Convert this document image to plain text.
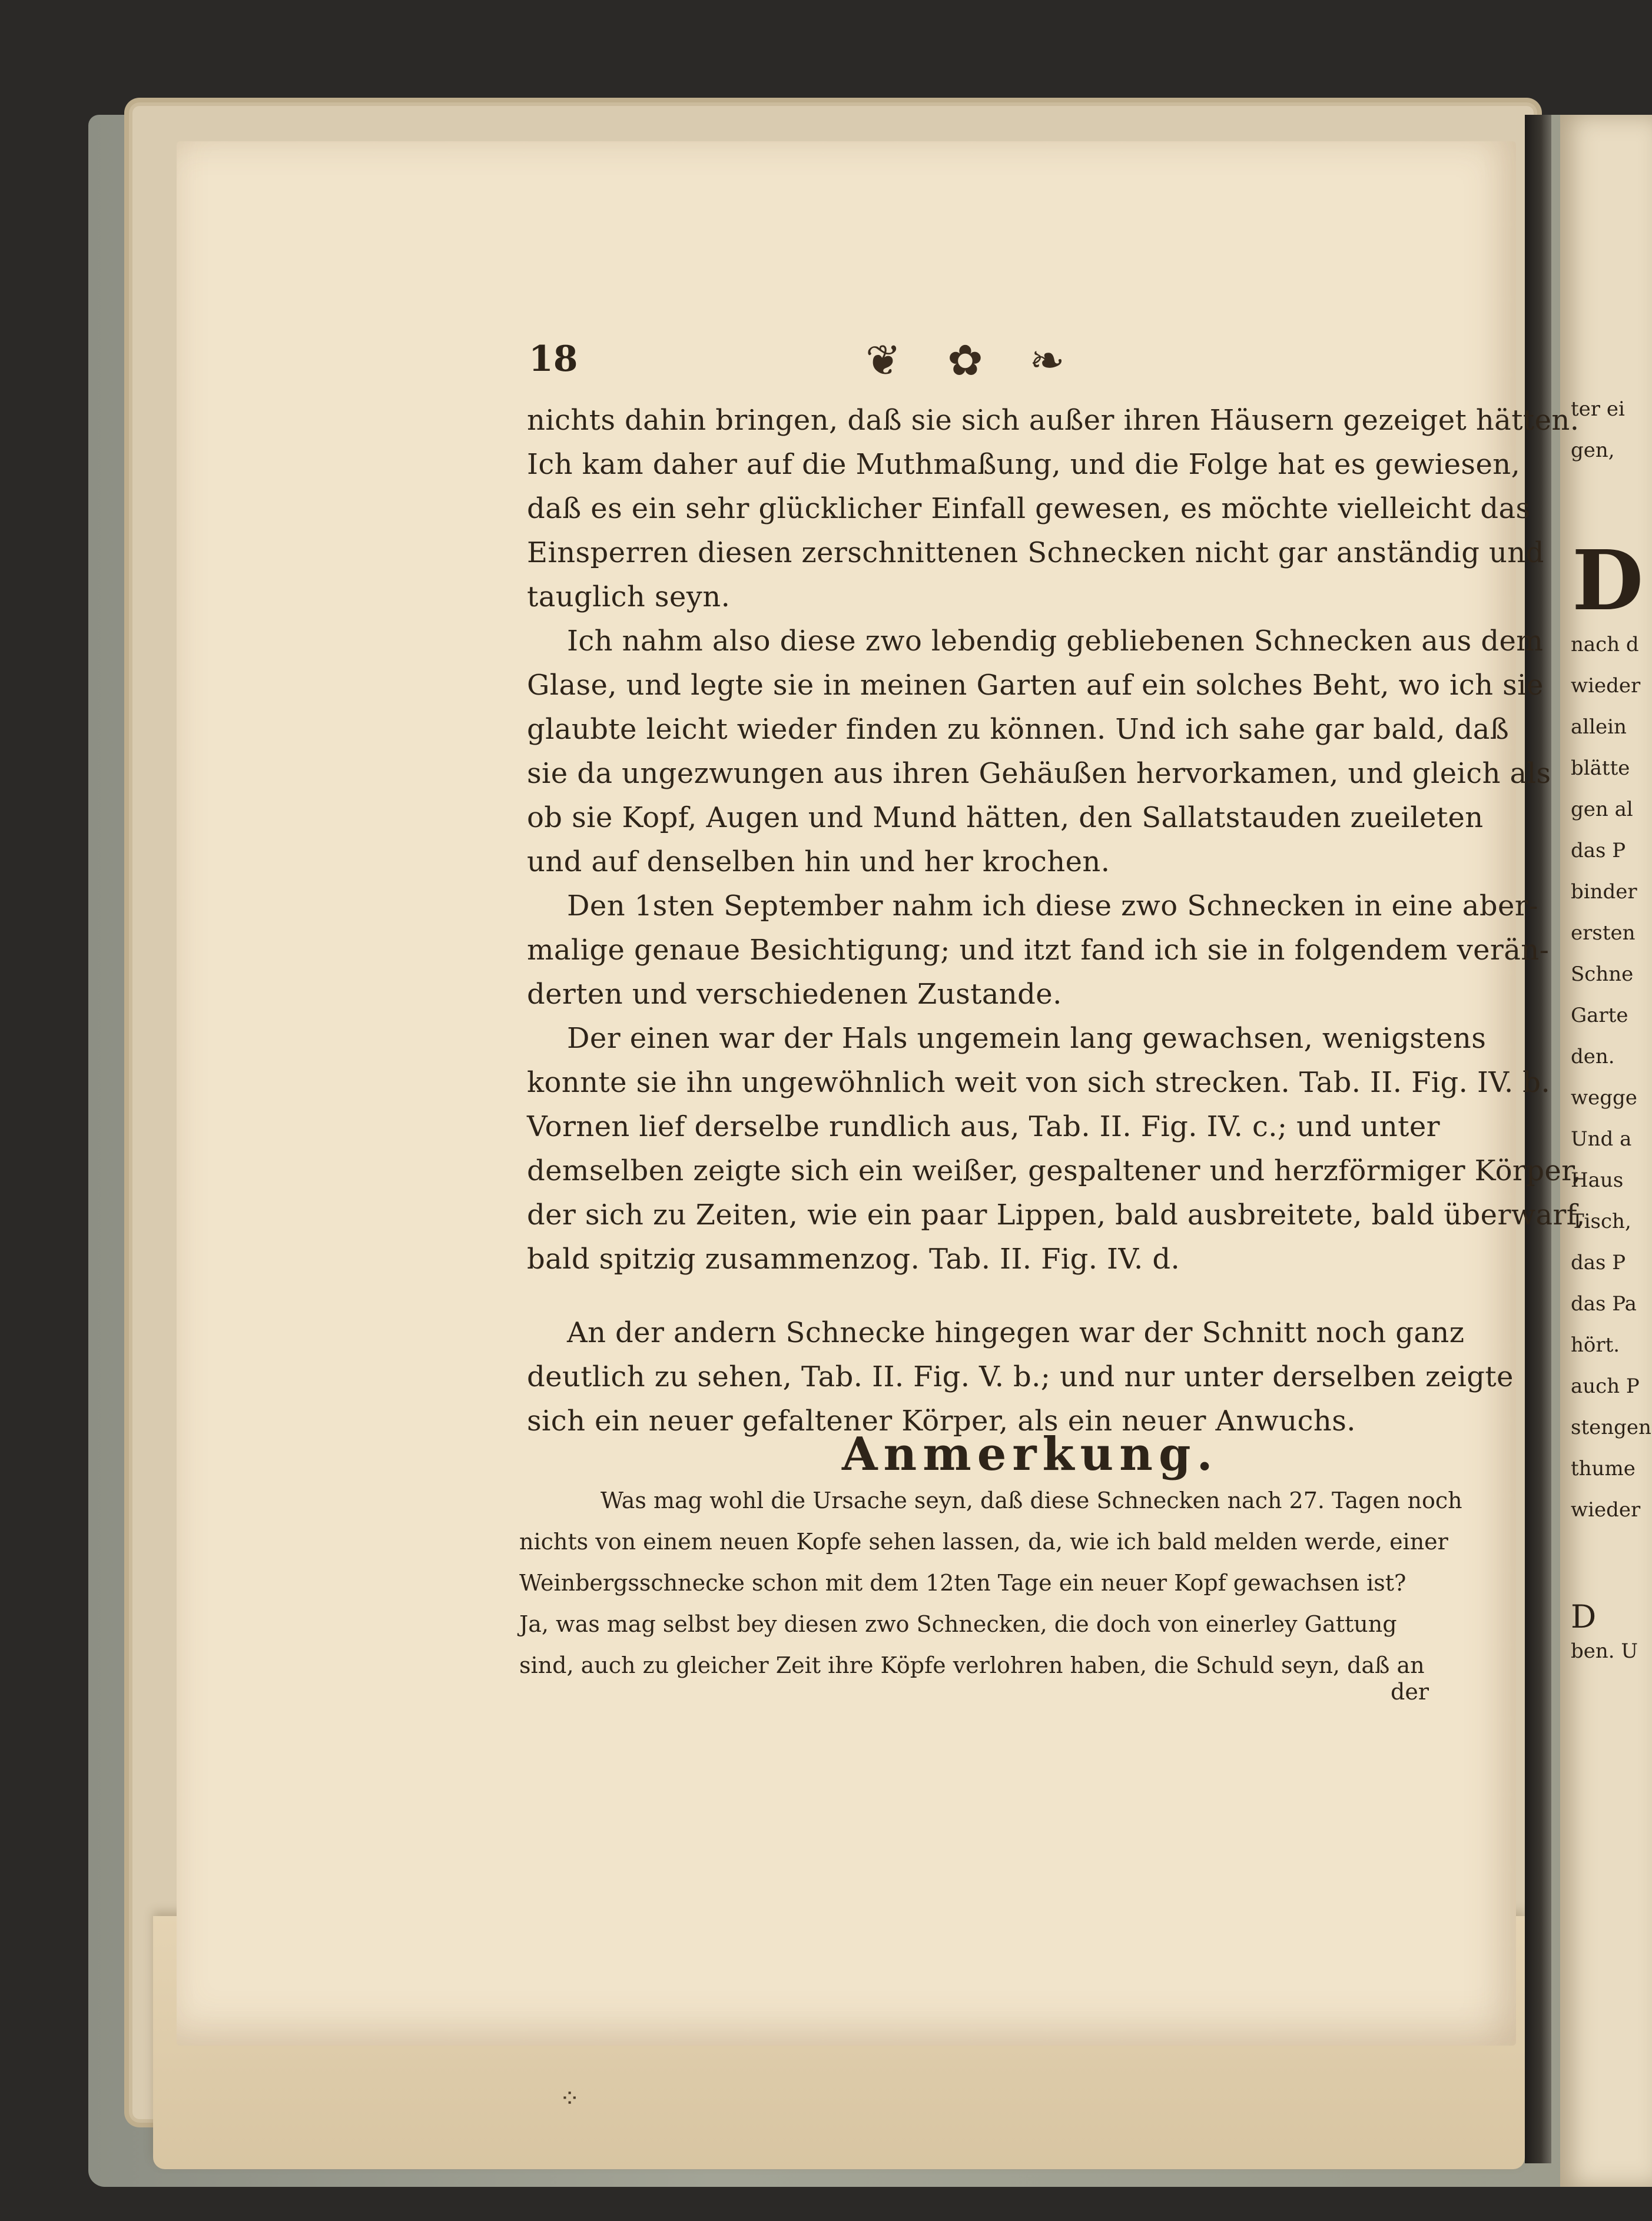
⁘
D
ter ei
gen,
nach d
wieder
allein
blätte
gen al
das P
binder
ersten
Schne
Garte
den.
wegge
Und a
Haus
Tisch,
das P
das Pa
hört.
auch P
stengen
thume
wieder
D
ben. U
18	❦ ✿ ❧
nichts dahin bringen, daß sie sich außer ihren Häusern gezeiget hätten.
Ich kam daher auf die Muthmaßung, und die Folge hat es gewiesen,
daß es ein sehr glücklicher Einfall gewesen, es möchte vielleicht das
Einsperren diesen zerschnittenen Schnecken nicht gar anständig und
tauglich seyn.
Ich nahm also diese zwo lebendig gebliebenen Schnecken aus dem
Glase, und legte sie in meinen Garten auf ein solches Beht, wo ich sie
glaubte leicht wieder finden zu können. Und ich sahe gar bald, daß
sie da ungezwungen aus ihren Gehäußen hervorkamen, und gleich als
ob sie Kopf, Augen und Mund hätten, den Sallatstauden zueileten
und auf denselben hin und her krochen.
Den 1sten September nahm ich diese zwo Schnecken in eine aber-
malige genaue Besichtigung; und itzt fand ich sie in folgendem verän-
derten und verschiedenen Zustande.
Der einen war der Hals ungemein lang gewachsen, wenigstens
konnte sie ihn ungewöhnlich weit von sich strecken. Tab. II. Fig. IV. b.
Vornen lief derselbe rundlich aus, Tab. II. Fig. IV. c.; und unter
demselben zeigte sich ein weißer, gespaltener und herzförmiger Körper,
der sich zu Zeiten, wie ein paar Lippen, bald ausbreitete, bald überwarf,
bald spitzig zusammenzog. Tab. II. Fig. IV. d.
An der andern Schnecke hingegen war der Schnitt noch ganz
deutlich zu sehen, Tab. II. Fig. V. b.; und nur unter derselben zeigte
sich ein neuer gefaltener Körper, als ein neuer Anwuchs.
Anmerkung.
Was mag wohl die Ursache seyn, daß diese Schnecken nach 27. Tagen noch
nichts von einem neuen Kopfe sehen lassen, da, wie ich bald melden werde, einer
Weinbergsschnecke schon mit dem 12ten Tage ein neuer Kopf gewachsen ist?
Ja, was mag selbst bey diesen zwo Schnecken, die doch von einerley Gattung
sind, auch zu gleicher Zeit ihre Köpfe verlohren haben, die Schuld seyn, daß an
der
